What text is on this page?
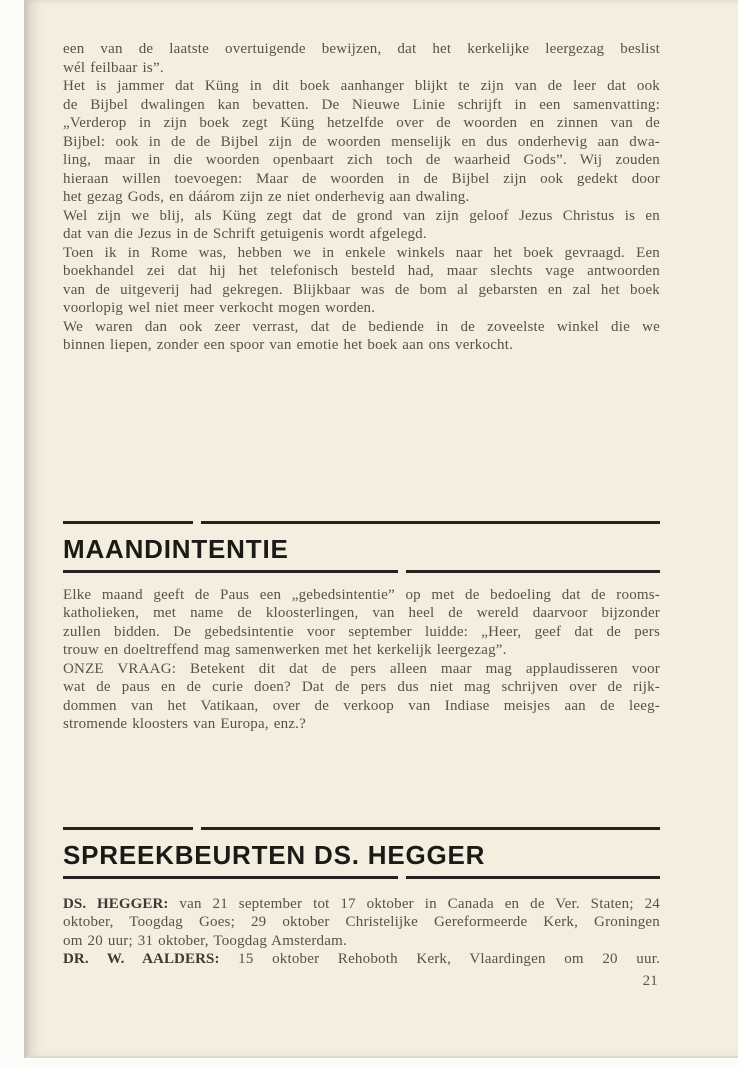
een van de laatste overtuigende bewijzen, dat het kerkelijke leergezag beslist
wél feilbaar is”.
Het is jammer dat Küng in dit boek aanhanger blijkt te zijn van de leer dat ook
de Bijbel dwalingen kan bevatten. De Nieuwe Linie schrijft in een samenvatting:
„Verderop in zijn boek zegt Küng hetzelfde over de woorden en zinnen van de
Bijbel: ook in de de Bijbel zijn de woorden menselijk en dus onderhevig aan dwa-
ling, maar in die woorden openbaart zich toch de waarheid Gods”. Wij zouden
hieraan willen toevoegen: Maar de woorden in de Bijbel zijn ook gedekt door
het gezag Gods, en dáárom zijn ze niet onderhevig aan dwaling.
Wel zijn we blij, als Küng zegt dat de grond van zijn geloof Jezus Christus is en
dat van die Jezus in de Schrift getuigenis wordt afgelegd.
Toen ik in Rome was, hebben we in enkele winkels naar het boek gevraagd. Een
boekhandel zei dat hij het telefonisch besteld had, maar slechts vage antwoorden
van de uitgeverij had gekregen. Blijkbaar was de bom al gebarsten en zal het boek
voorlopig wel niet meer verkocht mogen worden.
We waren dan ook zeer verrast, dat de bediende in de zoveelste winkel die we
binnen liepen, zonder een spoor van emotie het boek aan ons verkocht.
MAANDINTENTIE
Elke maand geeft de Paus een „gebedsintentie” op met de bedoeling dat de rooms-
katholieken, met name de kloosterlingen, van heel de wereld daarvoor bijzonder
zullen bidden. De gebedsintentie voor september luidde: „Heer, geef dat de pers
trouw en doeltreffend mag samenwerken met het kerkelijk leergezag”.
ONZE VRAAG: Betekent dit dat de pers alleen maar mag applaudisseren voor
wat de paus en de curie doen? Dat de pers dus niet mag schrijven over de rijk-
dommen van het Vatikaan, over de verkoop van Indiase meisjes aan de leeg-
stromende kloosters van Europa, enz.?
SPREEKBEURTEN DS. HEGGER
DS. HEGGER: van 21 september tot 17 oktober in Canada en de Ver. Staten; 24
oktober, Toogdag Goes; 29 oktober Christelijke Gereformeerde Kerk, Groningen
om 20 uur; 31 oktober, Toogdag Amsterdam.
DR. W. AALDERS: 15 oktober Rehoboth Kerk, Vlaardingen om 20 uur.
21
